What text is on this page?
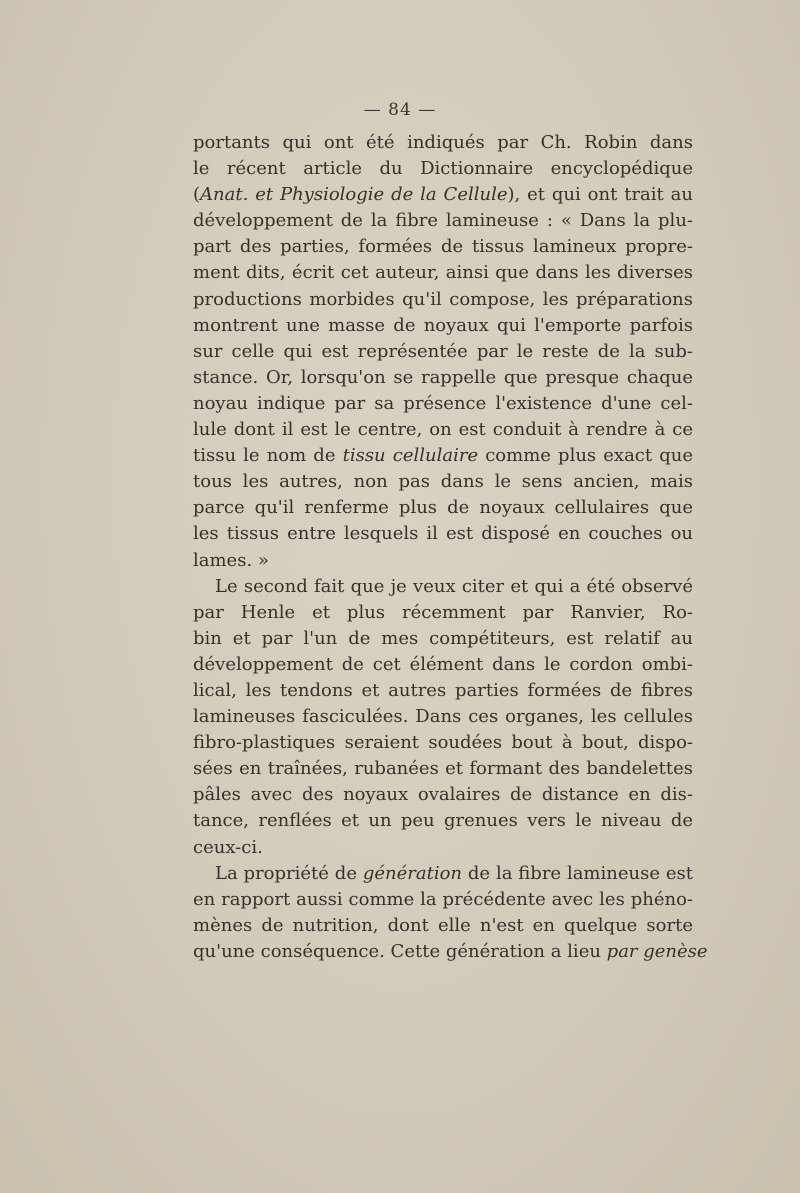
— 84 —
portants qui ont été indiqués par Ch. Robin dans
le récent article du Dictionnaire encyclopédique
(Anat. et Physiologie de la Cellule), et qui ont trait au
développement de la fibre lamineuse : « Dans la plu-
part des parties, formées de tissus lamineux propre-
ment dits, écrit cet auteur, ainsi que dans les diverses
productions morbides qu'il compose, les préparations
montrent une masse de noyaux qui l'emporte parfois
sur celle qui est représentée par le reste de la sub-
stance. Or, lorsqu'on se rappelle que presque chaque
noyau indique par sa présence l'existence d'une cel-
lule dont il est le centre, on est conduit à rendre à ce
tissu le nom de tissu cellulaire comme plus exact que
tous les autres, non pas dans le sens ancien, mais
parce qu'il renferme plus de noyaux cellulaires que
les tissus entre lesquels il est disposé en couches ou
lames. »
Le second fait que je veux citer et qui a été observé
par Henle et plus récemment par Ranvier, Ro-
bin et par l'un de mes compétiteurs, est relatif au
développement de cet élément dans le cordon ombi-
lical, les tendons et autres parties formées de fibres
lamineuses fasciculées. Dans ces organes, les cellules
fibro-plastiques seraient soudées bout à bout, dispo-
sées en traînées, rubanées et formant des bandelettes
pâles avec des noyaux ovalaires de distance en dis-
tance, renflées et un peu grenues vers le niveau de
ceux-ci.
La propriété de génération de la fibre lamineuse est
en rapport aussi comme la précédente avec les phéno-
mènes de nutrition, dont elle n'est en quelque sorte
qu'une conséquence. Cette génération a lieu par genèse
